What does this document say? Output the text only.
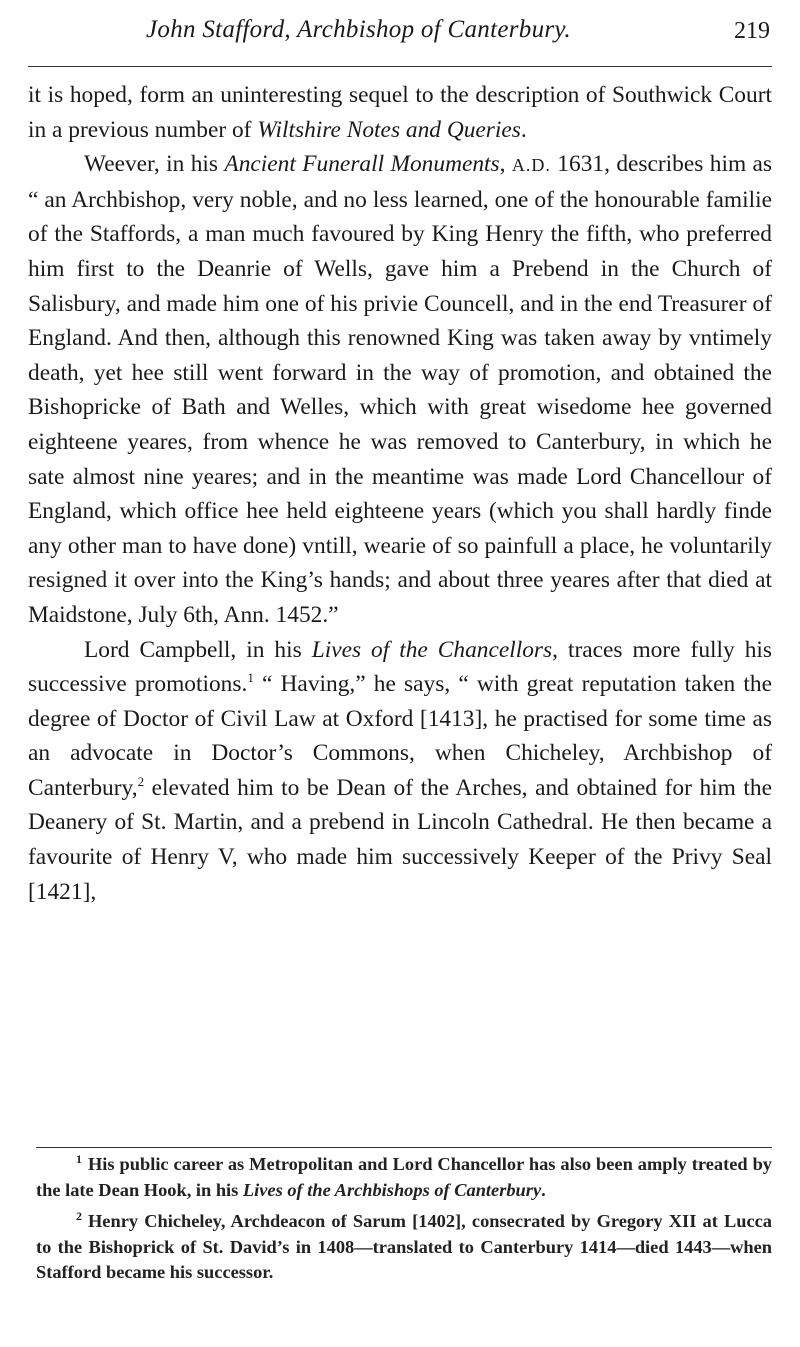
John Stafford, Archbishop of Canterbury.	219

it is hoped, form an uninteresting sequel to the description of Southwick Court in a previous number of Wiltshire Notes and Queries.

Weever, in his Ancient Funerall Monuments, A.D. 1631, describes him as “ an Archbishop, very noble, and no less learned, one of the honourable familie of the Staffords, a man much favoured by King Henry the fifth, who preferred him first to the Deanrie of Wells, gave him a Prebend in the Church of Salisbury, and made him one of his privie Councell, and in the end Treasurer of England. And then, although this renowned King was taken away by vntimely death, yet hee still went forward in the way of promotion, and obtained the Bishopricke of Bath and Welles, which with great wisedome hee governed eighteene yeares, from whence he was removed to Canterbury, in which he sate almost nine yeares; and in the meantime was made Lord Chancellour of England, which office hee held eighteene years (which you shall hardly finde any other man to have done) vntill, wearie of so painfull a place, he voluntarily resigned it over into the King’s hands; and about three yeares after that died at Maidstone, July 6th, Ann. 1452.”

Lord Campbell, in his Lives of the Chancellors, traces more fully his successive promotions.$^1$ “ Having,” he says, “ with great reputation taken the degree of Doctor of Civil Law at Oxford [1413], he practised for some time as an advocate in Doctor’s Commons, when Chicheley, Archbishop of Canterbury,$^2$ elevated him to be Dean of the Arches, and obtained for him the Deanery of St. Martin, and a prebend in Lincoln Cathedral. He then became a favourite of Henry V, who made him successively Keeper of the Privy Seal [1421],

$^1$ His public career as Metropolitan and Lord Chancellor has also been amply treated by the late Dean Hook, in his Lives of the Archbishops of Canterbury.

$^2$ Henry Chicheley, Archdeacon of Sarum [1402], consecrated by Gregory XII at Lucca to the Bishoprick of St. David’s in 1408—translated to Canterbury 1414—died 1443—when Stafford became his successor.
